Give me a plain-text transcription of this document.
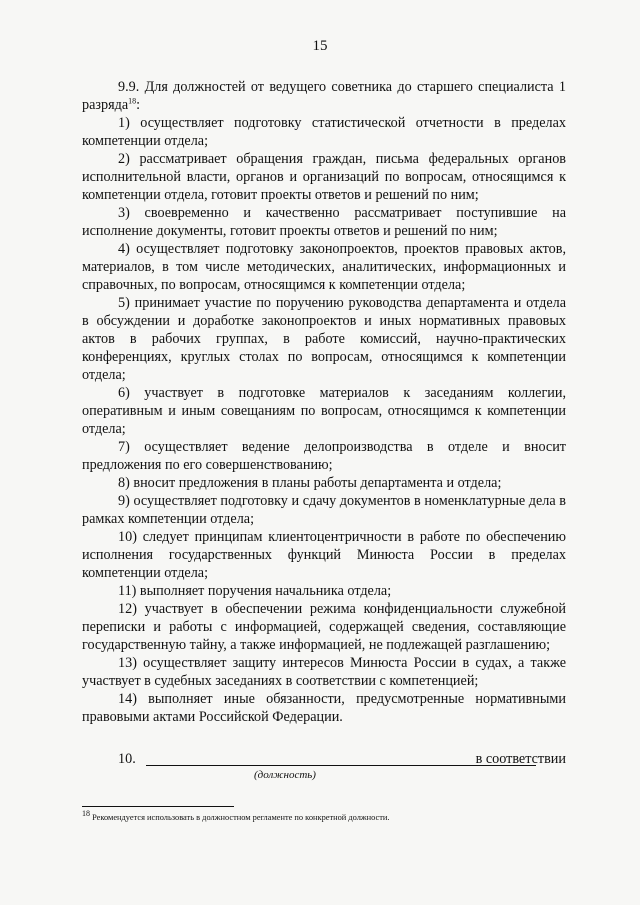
15

9.9. Для должностей от ведущего советника до старшего специалиста 1 разряда$^{18}$:

1) осуществляет подготовку статистической отчетности в пределах компетенции отдела;

2) рассматривает обращения граждан, письма федеральных органов исполнительной власти, органов и организаций по вопросам, относящимся к компетенции отдела, готовит проекты ответов и решений по ним;

3) своевременно и качественно рассматривает поступившие на исполнение документы, готовит проекты ответов и решений по ним;

4) осуществляет подготовку законопроектов, проектов правовых актов, материалов, в том числе методических, аналитических, информационных и справочных, по вопросам, относящимся к компетенции отдела;

5) принимает участие по поручению руководства департамента и отдела в обсуждении и доработке законопроектов и иных нормативных правовых актов в рабочих группах, в работе комиссий, научно-практических конференциях, круглых столах по вопросам, относящимся к компетенции отдела;

6) участвует в подготовке материалов к заседаниям коллегии, оперативным и иным совещаниям по вопросам, относящимся к компетенции отдела;

7) осуществляет ведение делопроизводства в отделе и вносит предложения по его совершенствованию;

8) вносит предложения в планы работы департамента и отдела;

9) осуществляет подготовку и сдачу документов в номенклатурные дела в рамках компетенции отдела;

10) следует принципам клиентоцентричности в работе по обеспечению исполнения государственных функций Минюста России в пределах компетенции отдела;

11) выполняет поручения начальника отдела;

12) участвует в обеспечении режима конфиденциальности служебной переписки и работы с информацией, содержащей сведения, составляющие государственную тайну, а также информацией, не подлежащей разглашению;

13) осуществляет защиту интересов Минюста России в судах, а также участвует в судебных заседаниях в соответствии с компетенцией;

14) выполняет иные обязанности, предусмотренные нормативными правовыми актами Российской Федерации.

10.	в соответствии
(должность)
$^{18}$ Рекомендуется использовать в должностном регламенте по конкретной должности.
